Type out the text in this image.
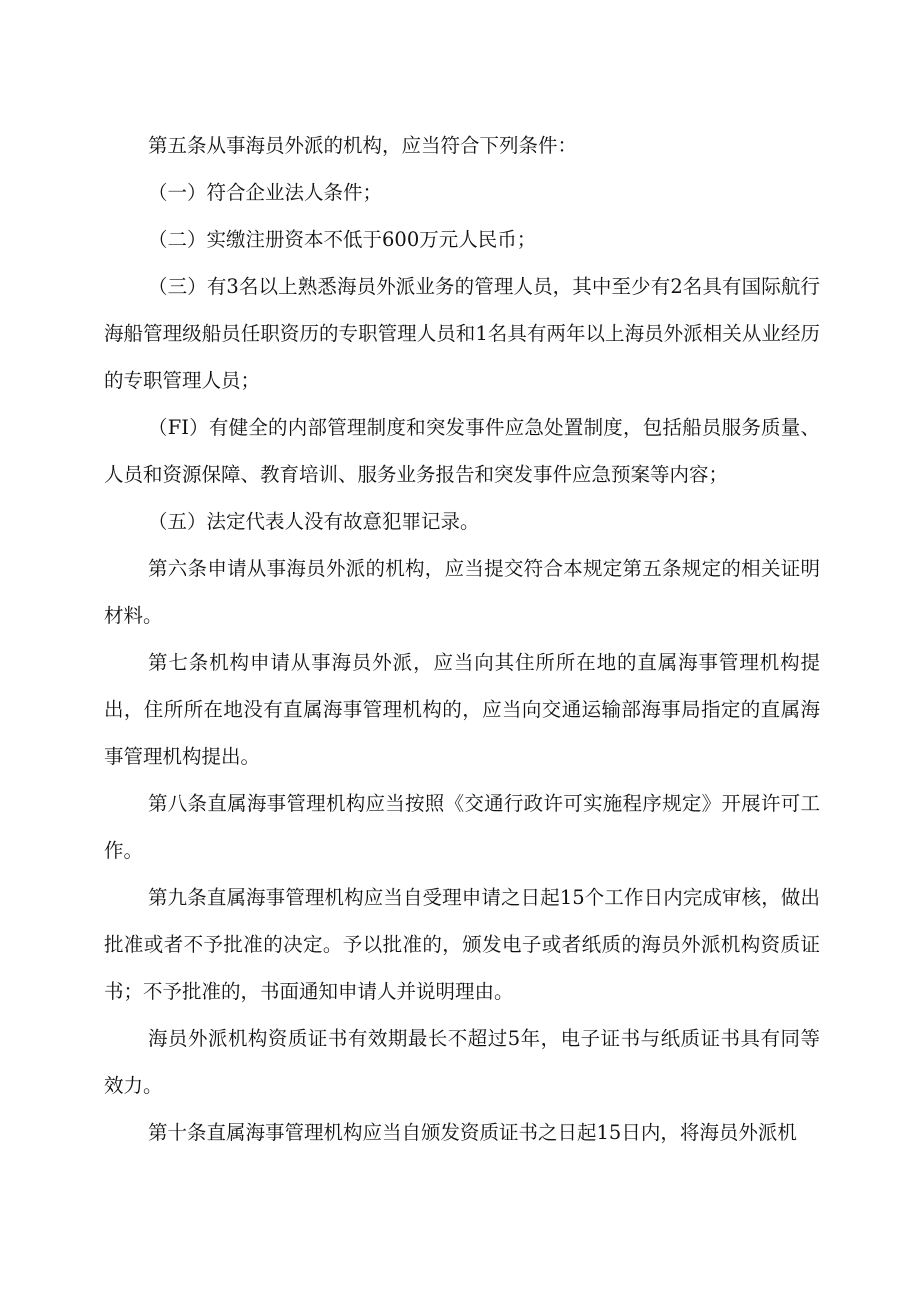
第五条从事海员外派的机构，应当符合下列条件：

（一）符合企业法人条件；

（二）实缴注册资本不低于600万元人民币；

（三）有3名以上熟悉海员外派业务的管理人员，其中至少有2名具有国际航行海船管理级船员任职资历的专职管理人员和1名具有两年以上海员外派相关从业经历的专职管理人员；

（FI）有健全的内部管理制度和突发事件应急处置制度，包括船员服务质量、人员和资源保障、教育培训、服务业务报告和突发事件应急预案等内容；

（五）法定代表人没有故意犯罪记录。

第六条申请从事海员外派的机构，应当提交符合本规定第五条规定的相关证明材料。

第七条机构申请从事海员外派，应当向其住所所在地的直属海事管理机构提出，住所所在地没有直属海事管理机构的，应当向交通运输部海事局指定的直属海事管理机构提出。

第八条直属海事管理机构应当按照《交通行政许可实施程序规定》开展许可工作。

第九条直属海事管理机构应当自受理申请之日起15个工作日内完成审核，做出批准或者不予批准的决定。予以批准的，颁发电子或者纸质的海员外派机构资质证书；不予批准的，书面通知申请人并说明理由。

海员外派机构资质证书有效期最长不超过5年，电子证书与纸质证书具有同等效力。

第十条直属海事管理机构应当自颁发资质证书之日起15日内，将海员外派机
